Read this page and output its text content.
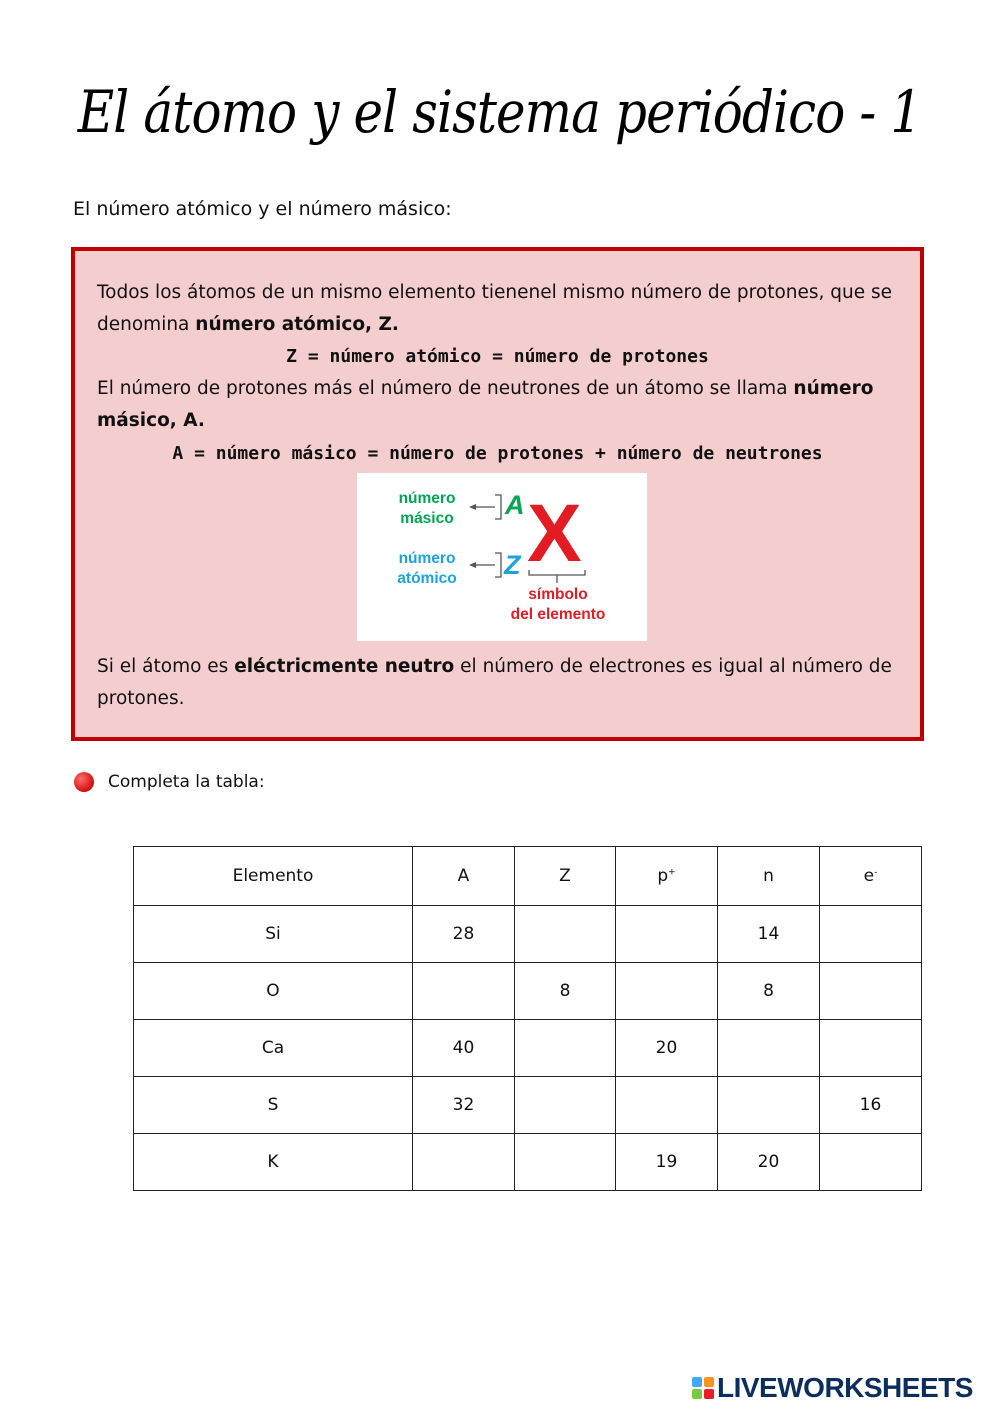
El átomo y el sistema periódico - 1
El número atómico y el número másico:
Todos los átomos de un mismo elemento tienenel mismo número de protones, que se
denomina número atómico, Z.
Z = número atómico = número de protones
El número de protones más el número de neutrones de un átomo se llama número
másico, A.
A = número másico = número de protones + número de neutrones
número
másico
número
atómico
A
Z X
símbolo
del elemento
Si el átomo es eléctricmente neutro el número de electrones es igual al número de
protones.
Completa la tabla:
Elemento	A	Z	p+	n	e-
Si	28			14	
O		8		8	
Ca	40		20		
S	32				16
K			19	20	
LIVEWORKSHEETS
